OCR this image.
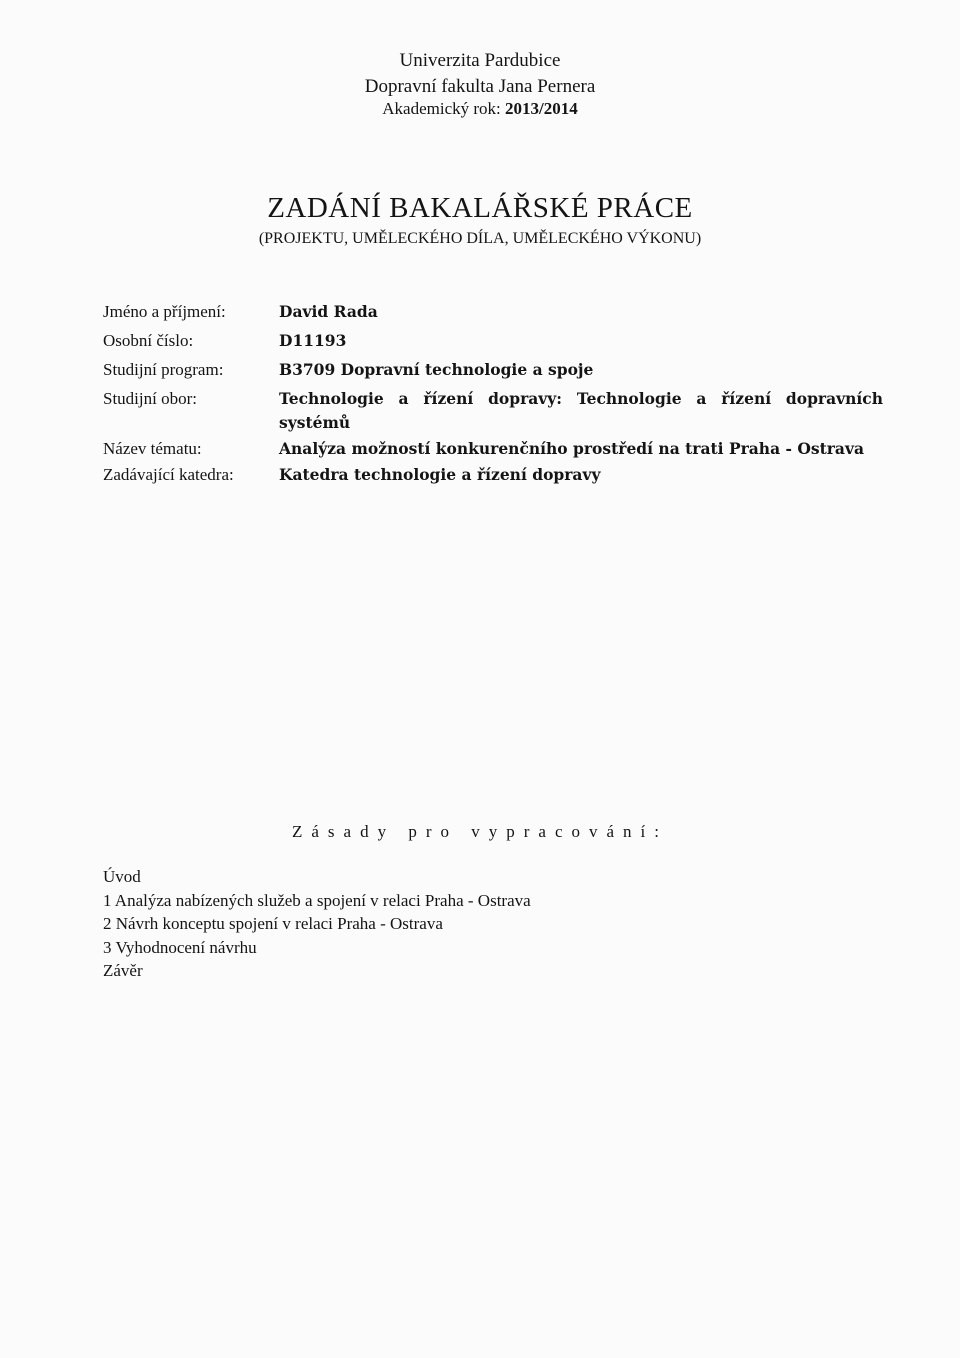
Univerzita Pardubice
Dopravní fakulta Jana Pernera
Akademický rok: 2013/2014
ZADÁNÍ BAKALÁŘSKÉ PRÁCE
(PROJEKTU, UMĚLECKÉHO DÍLA, UMĚLECKÉHO VÝKONU)
Jméno a příjmení:	David Rada
Osobní číslo:	D11193
Studijní program:	B3709 Dopravní technologie a spoje
Studijní obor:	Technologie a řízení dopravy: Technologie a řízení dopravních systémů
Název tématu:	Analýza možností konkurenčního prostředí na trati Praha - Ostrava
Zadávající katedra:	Katedra technologie a řízení dopravy
Zásady pro vypracování:
Úvod
1 Analýza nabízených služeb a spojení v relaci Praha - Ostrava
2 Návrh konceptu spojení v relaci Praha - Ostrava
3 Vyhodnocení návrhu
Závěr
